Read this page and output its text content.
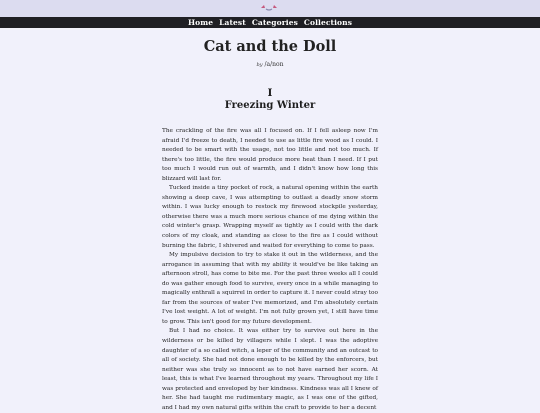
Home Latest Categories Collections
Cat and the Doll
by /a/non
I
Freezing Winter

The crackling of the fire was all I focused on. If I fell asleep now I'm afraid I'd freeze to death, I needed to use as little fire wood as I could. I needed to be smart with the usage, not too little and not too much. If there's too little, the fire would produce more heat than I need. If I put too much I would run out of warmth, and I didn't know how long this blizzard will last for.

Tucked inside a tiny pocket of rock, a natural opening within the earth showing a deep cave, I was attempting to outlast a deadly snow storm within. I was lucky enough to restock my firewood stockpile yesterday, otherwise there was a much more serious chance of me dying within the cold winter's grasp. Wrapping myself as tightly as I could with the dark colors of my cloak, and standing as close to the fire as I could without burning the fabric, I shivered and waited for everything to come to pass.

My impulsive decision to try to stake it out in the wilderness, and the arrogance in assuming that with my ability it would've be like taking an afternoon stroll, has come to bite me. For the past three weeks all I could do was gather enough food to survive, every once in a while managing to magically enthrall a squirrel in order to capture it. I never could stray too far from the sources of water I've memorized, and I'm absolutely certain I've lost weight. A lot of weight. I'm not fully grown yet, I still have time to grow. This isn't good for my future development.

But I had no choice. It was either try to survive out here in the wilderness or be killed by villagers while I slept. I was the adoptive daughter of a so called witch, a leper of the community and an outcast to all of society. She had not done enough to be killed by the enforcers, but neither was she truly so innocent as to not have earned her scorn. At least, this is what I've learned throughout my years. Throughout my life I was protected and enveloped by her kindness. Kindness was all I knew of her. She had taught me rudimentary magic, as I was one of the gifted, and I had my own natural gifts within the craft to provide to her a decent
